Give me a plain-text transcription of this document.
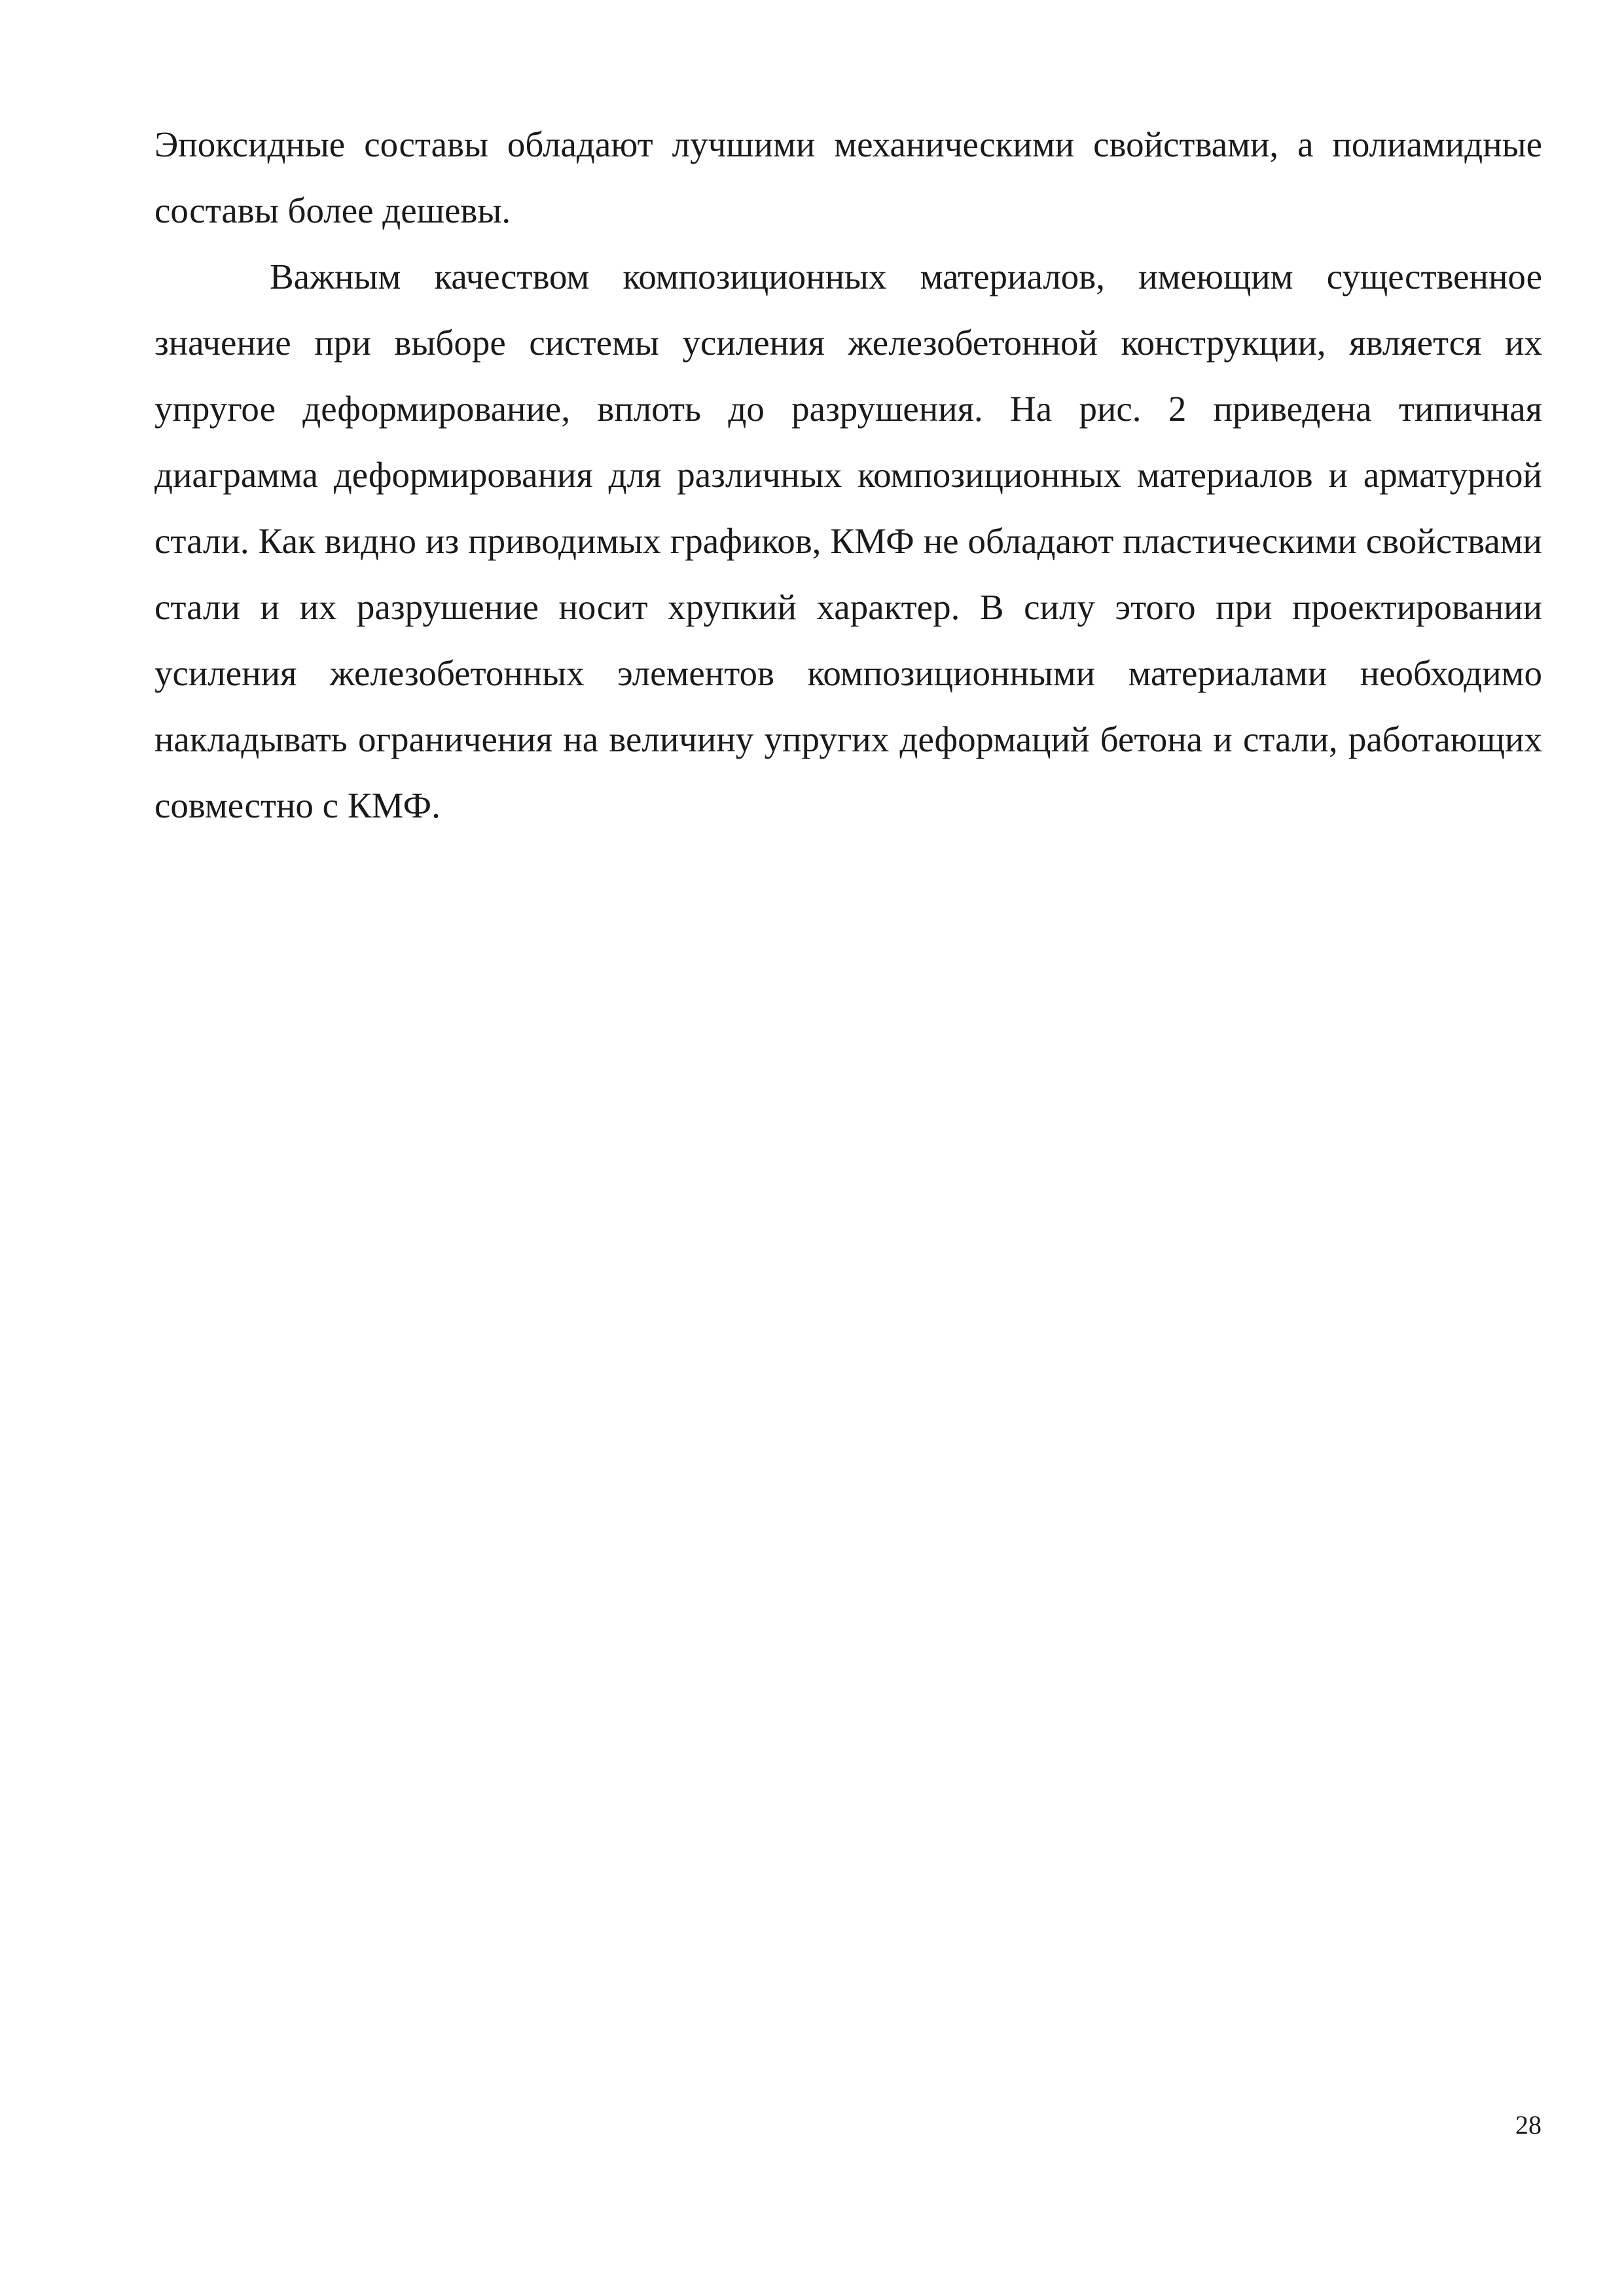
Эпоксидные составы обладают лучшими механическими свойствами, а полиамидные составы более дешевы.

Важным качеством композиционных материалов, имеющим существенное значение при выборе системы усиления железобетонной конструкции, является их упругое деформирование, вплоть до разрушения. На рис. 2 приведена типичная диаграмма деформирования для различных композиционных материалов и арматурной стали. Как видно из приводимых графиков, КМФ не обладают пластическими свойствами стали и их разрушение носит хрупкий характер. В силу этого при проектировании усиления железобетонных элементов композиционными материалами необходимо накладывать ограничения на величину упругих деформаций бетона и стали, работающих совместно с КМФ.

28
